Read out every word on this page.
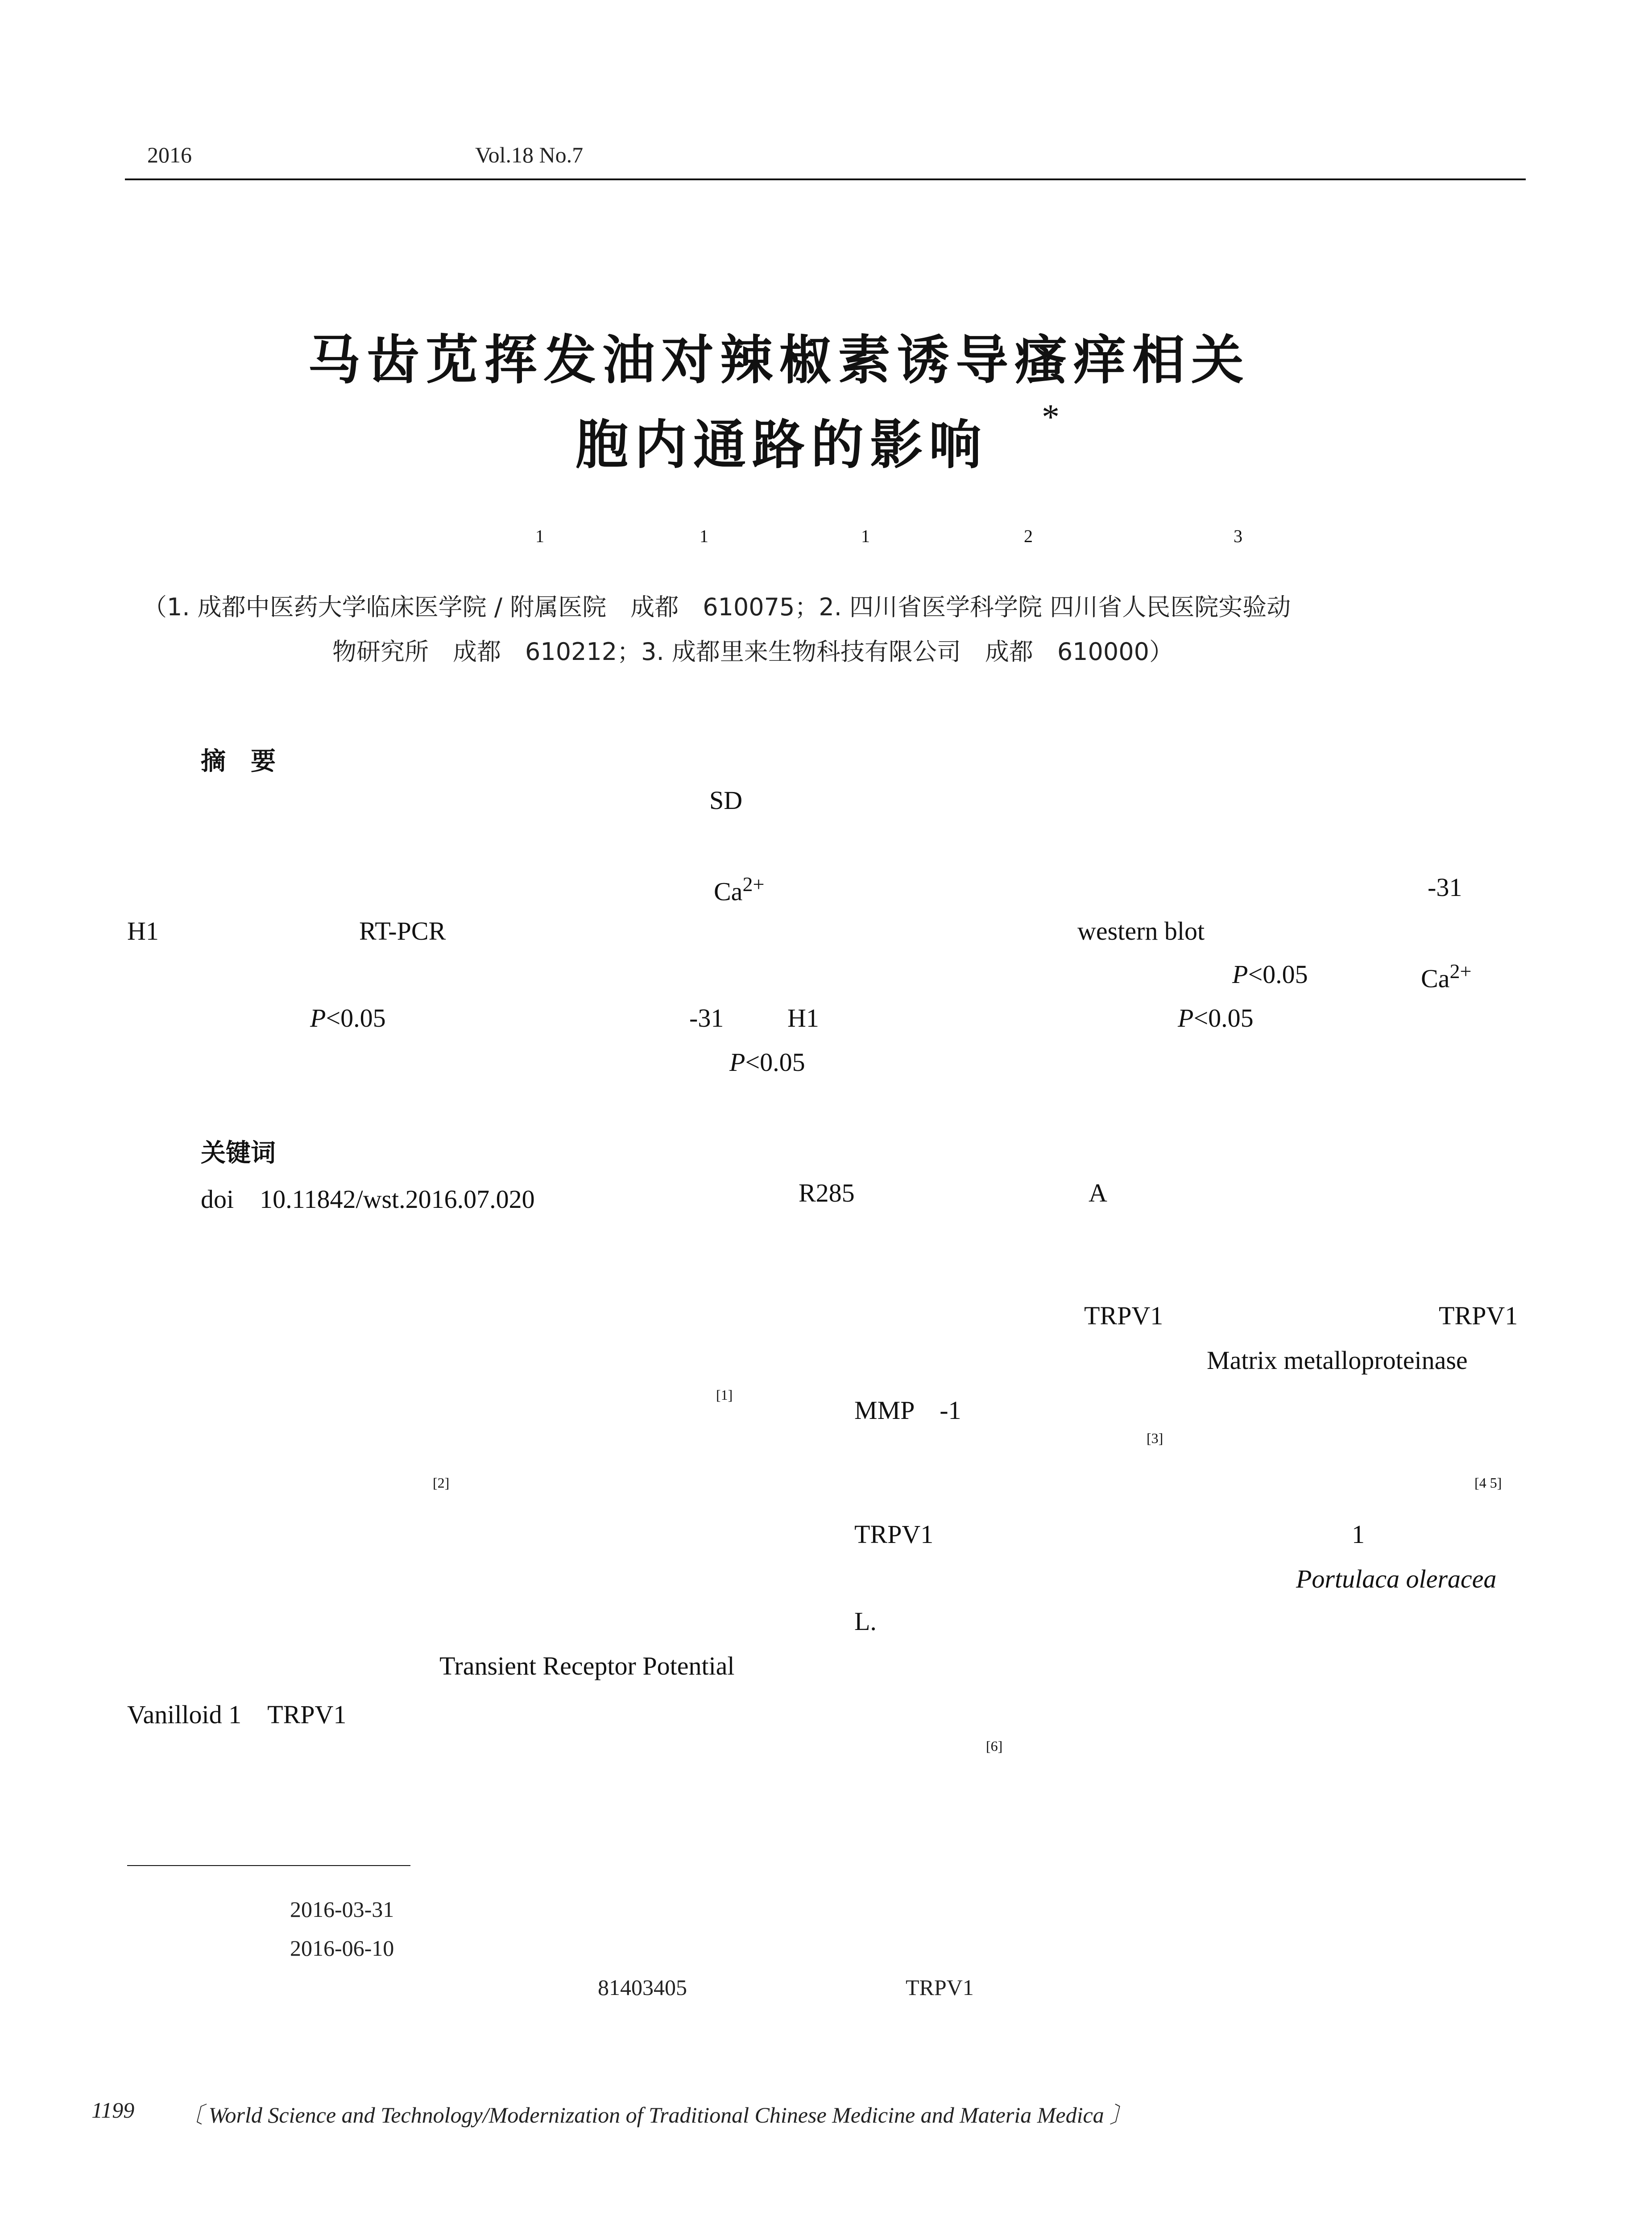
2016	Vol.18 No.7
马齿苋挥发油对辣椒素诱导瘙痒相关
胞内通路的影响 *
1	1	1	2	3
（1. 成都中医药大学临床医学院 / 附属医院　成都　610075；2. 四川省医学科学院 四川省人民医院实验动
物研究所　成都　610212；3. 成都里来生物科技有限公司　成都　610000）
摘　要
SD
$Ca^{2+}$	-31
H1	RT-PCR	western blot
P<0.05	$Ca^{2+}$
P<0.05	-31 H1	P<0.05
P<0.05
关键词
doi　10.11842/wst.2016.07.020	R285	A
TRPV1	TRPV1
Matrix metalloproteinase
[1]
MMP　-1
[3]
[2]	[4 5]
TRPV1	1
Portulaca oleracea
L.
Transient Receptor Potential
Vanilloid 1　TRPV1
[6]
2016-03-31
2016-06-10
81403405	TRPV1
1199 〔 World Science and Technology/Modernization of Traditional Chinese Medicine and Materia Medica 〕
